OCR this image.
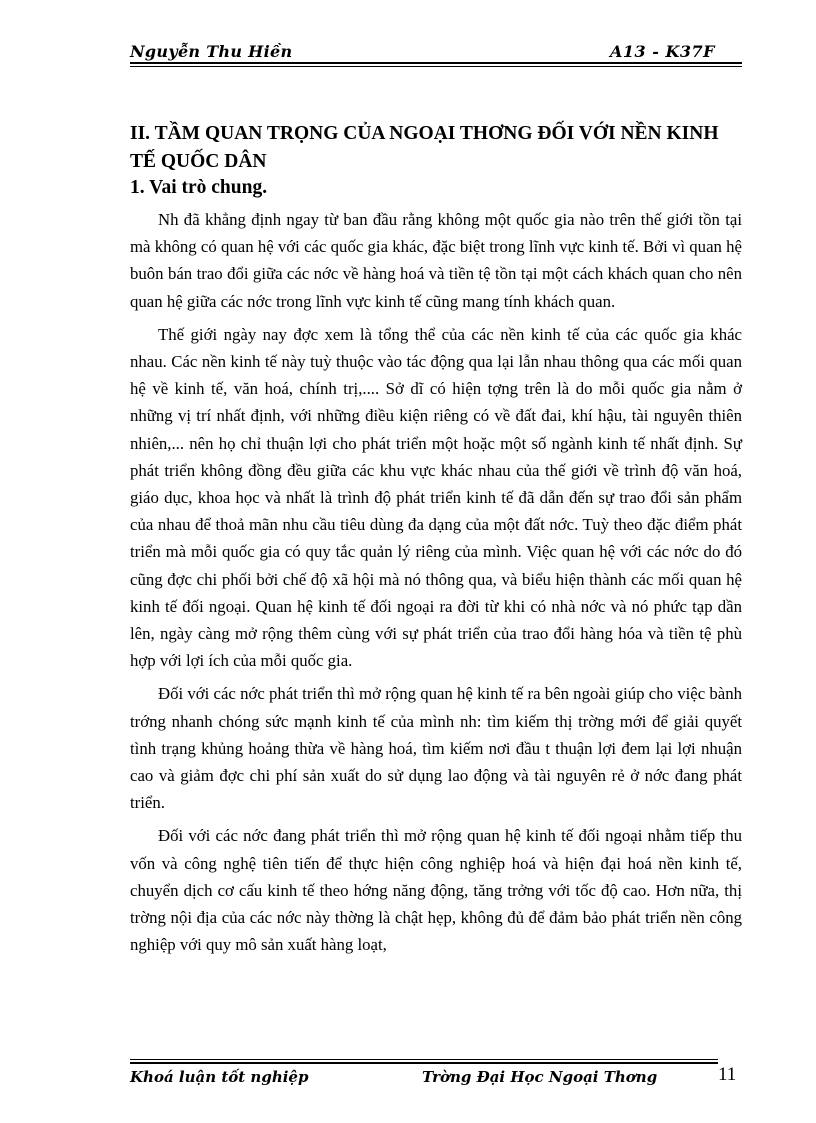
Nguyễn Thu Hiền	A13 - K37F
II. TẦM QUAN TRỌNG CỦA NGOẠI THƠNG ĐỐI VỚI NỀN KINH TẾ QUỐC DÂN
1. Vai trò chung.

Nh đã khẳng định ngay từ ban đầu rằng không một quốc gia nào trên thế giới tồn tại mà không có quan hệ với các quốc gia khác, đặc biệt trong lĩnh vực kinh tế. Bởi vì quan hệ buôn bán trao đổi giữa các nớc về hàng hoá và tiền tệ tồn tại một cách khách quan cho nên quan hệ giữa các nớc trong lĩnh vực kinh tế cũng mang tính khách quan.

Thế giới ngày nay đợc xem là tổng thể của các nền kinh tế của các quốc gia khác nhau. Các nền kinh tế này tuỳ thuộc vào tác động qua lại lẫn nhau thông qua các mối quan hệ về kinh tế, văn hoá, chính trị,.... Sở dĩ có hiện tợng trên là do mỗi quốc gia nằm ở những vị trí nhất định, với những điều kiện riêng có về đất đai, khí hậu, tài nguyên thiên nhiên,... nên họ chỉ thuận lợi cho phát triển một hoặc một số ngành kinh tế nhất định. Sự phát triển không đồng đều giữa các khu vực khác nhau của thế giới về trình độ văn hoá, giáo dục, khoa học và nhất là trình độ phát triển kinh tế đã dẫn đến sự trao đổi sản phẩm của nhau để thoả mãn nhu cầu tiêu dùng đa dạng của một đất nớc. Tuỳ theo đặc điểm phát triển mà mỗi quốc gia có quy tắc quản lý riêng của mình. Việc quan hệ với các nớc do đó cũng đợc chi phối bởi chế độ xã hội mà nó thông qua, và biểu hiện thành các mối quan hệ kinh tế đối ngoại. Quan hệ kinh tế đối ngoại ra đời từ khi có nhà nớc và nó phức tạp dần lên, ngày càng mở rộng thêm cùng với sự phát triển của trao đổi hàng hóa và tiền tệ phù hợp với lợi ích của mỗi quốc gia.

Đối với các nớc phát triển thì mở rộng quan hệ kinh tế ra bên ngoài giúp cho việc bành trớng nhanh chóng sức mạnh kinh tế của mình nh: tìm kiếm thị trờng mới để giải quyết tình trạng khủng hoảng thừa về hàng hoá, tìm kiếm nơi đầu t thuận lợi đem lại lợi nhuận cao và giảm đợc chi phí sản xuất do sử dụng lao động và tài nguyên rẻ ở nớc đang phát triển.

Đối với các nớc đang phát triển thì mở rộng quan hệ kinh tế đối ngoại nhằm tiếp thu vốn và công nghệ tiên tiến để thực hiện công nghiệp hoá và hiện đại hoá nền kinh tế, chuyển dịch cơ cấu kinh tế theo hớng năng động, tăng trởng với tốc độ cao. Hơn nữa, thị trờng nội địa của các nớc này thờng là chật hẹp, không đủ để đảm bảo phát triển nền công nghiệp với quy mô sản xuất hàng loạt,

Khoá luận tốt nghiệp	Trờng Đại Học Ngoại Thơng	11
